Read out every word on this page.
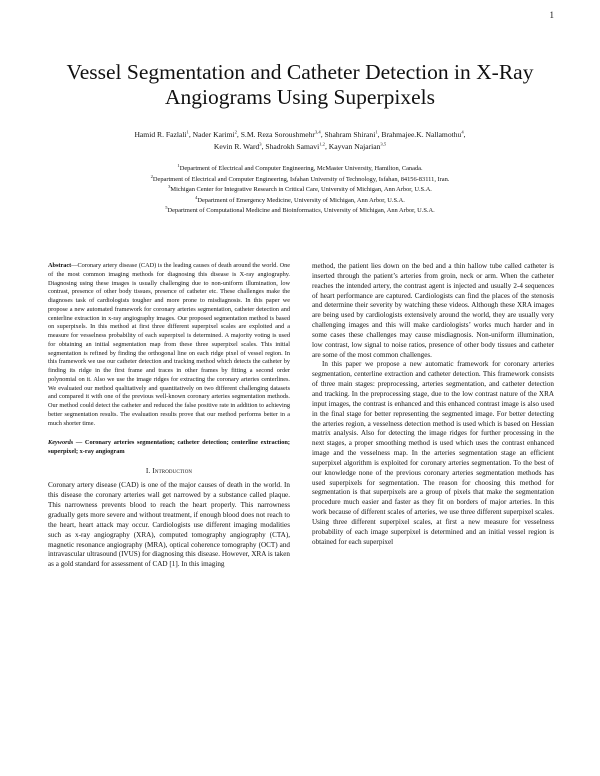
1
Vessel Segmentation and Catheter Detection in X-Ray Angiograms Using Superpixels
Hamid R. Fazlali$^1$, Nader Karimi$^2$, S.M. Reza Soroushmehr$^{3,4}$, Shahram Shirani$^1$, Brahmajee.K. Nallamothu$^4$,
Kevin R. Ward$^3$, Shadrokh Samavi$^{1,2}$, Kayvan Najarian$^{3,5}$
$^1$Department of Electrical and Computer Engineering, McMaster University, Hamilton, Canada.
$^2$Department of Electrical and Computer Engineering, Isfahan University of Technology, Isfahan, 84156-83111, Iran.
$^3$Michigan Center for Integrative Research in Critical Care, University of Michigan, Ann Arbor, U.S.A.
$^4$Department of Emergency Medicine, University of Michigan, Ann Arbor, U.S.A.
$^5$Department of Computational Medicine and Bioinformatics, University of Michigan, Ann Arbor, U.S.A.

Abstract—Coronary artery disease (CAD) is the leading causes of death around the world. One of the most common imaging methods for diagnosing this disease is X-ray angiography. Diagnosing using these images is usually challenging due to non-uniform illumination, low contrast, presence of other body tissues, presence of catheter etc. These challenges make the diagnoses task of cardiologists tougher and more prone to misdiagnosis. In this paper we propose a new automated framework for coronary arteries segmentation, catheter detection and centerline extraction in x-ray angiography images. Our proposed segmentation method is based on superpixels. In this method at first three different superpixel scales are exploited and a measure for vesselness probability of each superpixel is determined. A majority voting is used for obtaining an initial segmentation map from these three superpixel scales. This initial segmentation is refined by finding the orthogonal line on each ridge pixel of vessel region. In this framework we use our catheter detection and tracking method which detects the catheter by finding its ridge in the first frame and traces in other frames by fitting a second order polynomial on it. Also we use the image ridges for extracting the coronary arteries centerlines. We evaluated our method qualitatively and quantitatively on two different challenging datasets and compared it with one of the previous well-known coronary arteries segmentation methods. Our method could detect the catheter and reduced the false positive rate in addition to achieving better segmentation results. The evaluation results prove that our method performs better in a much shorter time.

Keywords — Coronary arteries segmentation; catheter detection; centerline extraction; superpixel; x-ray angiogram

I. Introduction

Coronary artery disease (CAD) is one of the major causes of death in the world. In this disease the coronary arteries wall get narrowed by a substance called plaque. This narrowness prevents blood to reach the heart properly. This narrowness gradually gets more severe and without treatment, if enough blood does not reach to the heart, heart attack may occur. Cardiologists use different imaging modalities such as x-ray angiography (XRA), computed tomography angiography (CTA), magnetic resonance angiography (MRA), optical coherence tomography (OCT) and intravascular ultrasound (IVUS) for diagnosing this disease. However, XRA is taken as a gold standard for assessment of CAD [1]. In this imaging

method, the patient lies down on the bed and a thin hallow tube called catheter is inserted through the patient’s arteries from groin, neck or arm. When the catheter reaches the intended artery, the contrast agent is injected and usually 2-4 sequences of heart performance are captured. Cardiologists can find the places of the stenosis and determine their severity by watching these videos. Although these XRA images are being used by cardiologists extensively around the world, they are usually very challenging images and this will make cardiologists’ works much harder and in some cases these challenges may cause misdiagnosis. Non-uniform illumination, low contrast, low signal to noise ratios, presence of other body tissues and catheter are some of the most common challenges.

In this paper we propose a new automatic framework for coronary arteries segmentation, centerline extraction and catheter detection. This framework consists of three main stages: preprocessing, arteries segmentation, and catheter detection and tracking. In the preprocessing stage, due to the low contrast nature of the XRA input images, the contrast is enhanced and this enhanced contrast image is also used in the final stage for better representing the segmented image. For better detecting the arteries region, a vesselness detection method is used which is based on Hessian matrix analysis. Also for detecting the image ridges for further processing in the next stages, a proper smoothing method is used which uses the contrast enhanced image and the vesselness map. In the arteries segmentation stage an efficient superpixel algorithm is exploited for coronary arteries segmentation. To the best of our knowledge none of the previous coronary arteries segmentation methods has used superpixels for segmentation. The reason for choosing this method for segmentation is that superpixels are a group of pixels that make the segmentation procedure much easier and faster as they fit on borders of major arteries. In this work because of different scales of arteries, we use three different superpixel scales. Using three different superpixel scales, at first a new measure for vesselness probability of each image superpixel is determined and an initial vessel region is obtained for each superpixel
